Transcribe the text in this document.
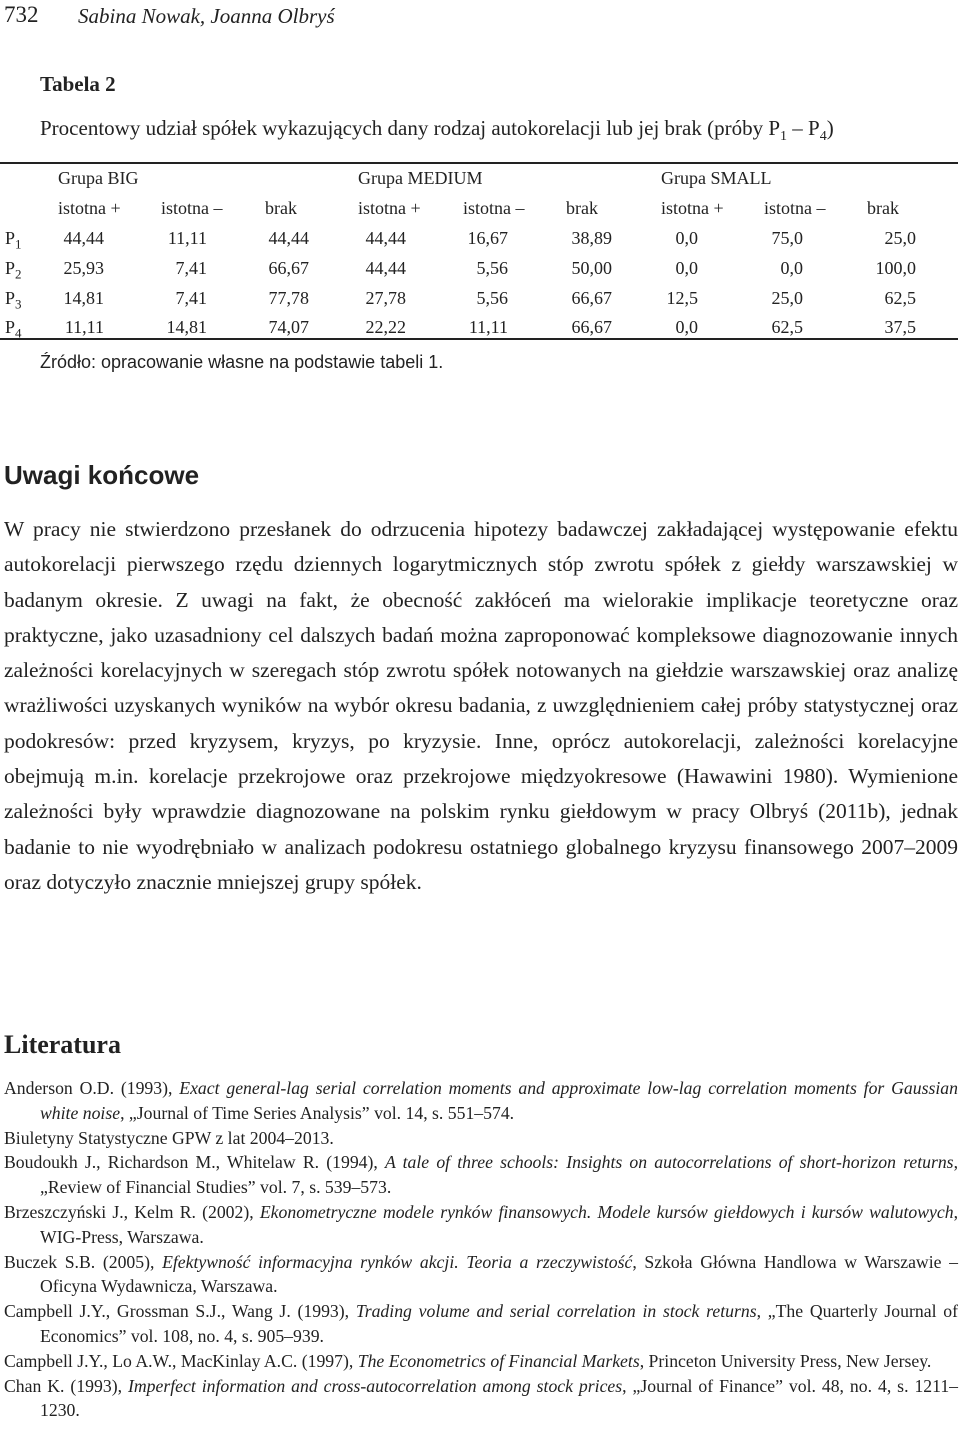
732 Sabina Nowak, Joanna Olbryś
Tabela 2
Procentowy udział spółek wykazujących dany rodzaj autokorelacji lub jej brak (próby $P_1 - P_4$)
Grupa BIG	Grupa MEDIUM	Grupa SMALL
istotna + istotna – brak	istotna + istotna – brak	istotna + istotna – brak
$P_1$	44,44	11,11	44,44	44,44	16,67	38,89	0,0	75,0	25,0
$P_2$	25,93	7,41	66,67	44,44	5,56	50,00	0,0	0,0	100,0
$P_3$	14,81	7,41	77,78	27,78	5,56	66,67	12,5	25,0	62,5
$P_4$	11,11	14,81	74,07	22,22	11,11	66,67	0,0	62,5	37,5
Źródło: opracowanie własne na podstawie tabeli 1.
Uwagi końcowe
W pracy nie stwierdzono przesłanek do odrzucenia hipotezy badawczej zakładającej występowanie efektu autokorelacji pierwszego rzędu dziennych logarytmicznych stóp zwrotu spółek z giełdy warszawskiej w badanym okresie. Z uwagi na fakt, że obecność zakłóceń ma wielorakie implikacje teoretyczne oraz praktyczne, jako uzasadniony cel dalszych badań można zaproponować kompleksowe diagnozowanie innych zależności korelacyjnych w szeregach stóp zwrotu spółek notowanych na giełdzie warszawskiej oraz analizę wrażliwości uzyskanych wyników na wybór okresu badania, z uwzględnieniem całej próby statystycznej oraz podokresów: przed kryzysem, kryzys, po kryzysie. Inne, oprócz autokorelacji, zależności korelacyjne obejmują m.in. korelacje przekrojowe oraz przekrojowe międzyokresowe (Hawawini 1980). Wymienione zależności były wprawdzie diagnozowane na polskim rynku giełdowym w pracy Olbryś (2011b), jednak badanie to nie wyodrębniało w analizach podokresu ostatniego globalnego kryzysu finansowego 2007–2009 oraz dotyczyło znacznie mniejszej grupy spółek.
Literatura
Anderson O.D. (1993), Exact general-lag serial correlation moments and approximate low-lag correlation moments for Gaussian white noise, „Journal of Time Series Analysis” vol. 14, s. 551–574.
Biuletyny Statystyczne GPW z lat 2004–2013.
Boudoukh J., Richardson M., Whitelaw R. (1994), A tale of three schools: Insights on autocorrelations of short-horizon returns, „Review of Financial Studies” vol. 7, s. 539–573.
Brzeszczyński J., Kelm R. (2002), Ekonometryczne modele rynków finansowych. Modele kursów giełdowych i kursów walutowych, WIG-Press, Warszawa.
Buczek S.B. (2005), Efektywność informacyjna rynków akcji. Teoria a rzeczywistość, Szkoła Główna Handlowa w Warszawie – Oficyna Wydawnicza, Warszawa.
Campbell J.Y., Grossman S.J., Wang J. (1993), Trading volume and serial correlation in stock returns, „The Quarterly Journal of Economics” vol. 108, no. 4, s. 905–939.
Campbell J.Y., Lo A.W., MacKinlay A.C. (1997), The Econometrics of Financial Markets, Princeton University Press, New Jersey.
Chan K. (1993), Imperfect information and cross-autocorrelation among stock prices, „Journal of Finance” vol. 48, no. 4, s. 1211–1230.
